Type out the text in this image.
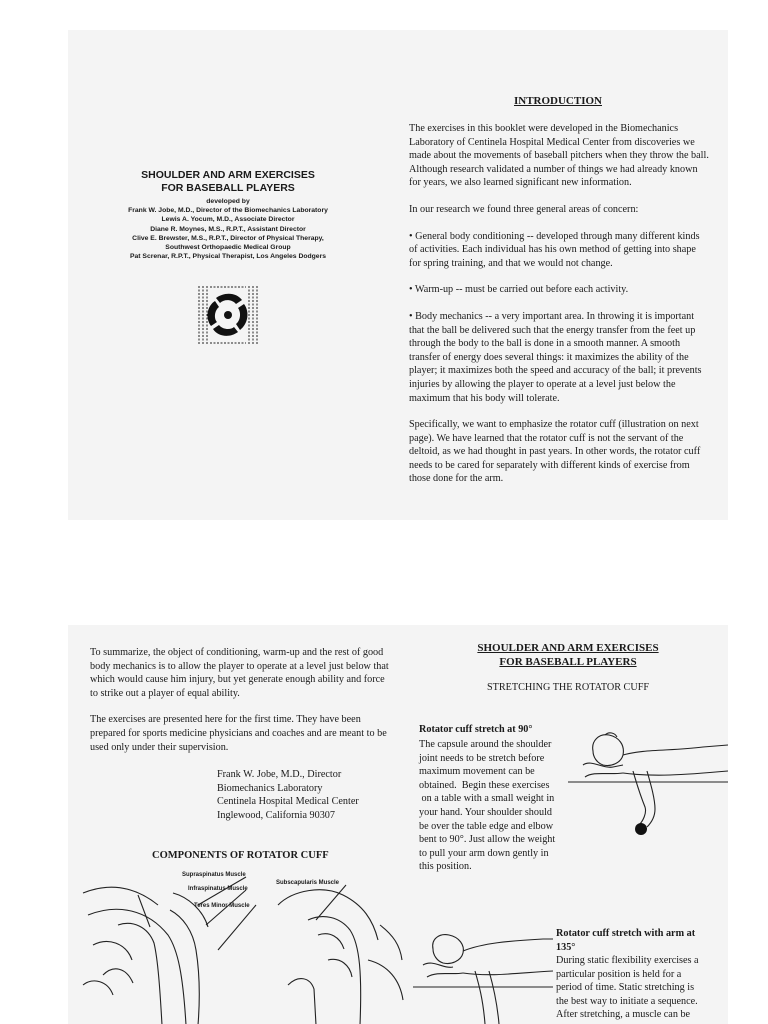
SHOULDER AND ARM EXERCISES
FOR BASEBALL PLAYERS
developed by
Frank W. Jobe, M.D., Director of the Biomechanics Laboratory
Lewis A. Yocum, M.D., Associate Director
Diane R. Moynes, M.S., R.P.T., Assistant Director
Clive E. Brewster, M.S., R.P.T., Director of Physical Therapy,
Southwest Orthopaedic Medical Group
Pat Screnar, R.P.T., Physical Therapist, Los Angeles Dodgers
INTRODUCTION

The exercises in this booklet were developed in the Biomechanics Laboratory of Centinela Hospital Medical Center from discoveries we made about the movements of baseball pitchers when they throw the ball. Although research validated a number of things we had already known for years, we also learned significant new information.

In our research we found three general areas of concern:

• General body conditioning -- developed through many different kinds of activities. Each individual has his own method of getting into shape for spring training, and that we would not change.

• Warm-up -- must be carried out before each activity.

• Body mechanics -- a very important area. In throwing it is important that the ball be delivered such that the energy transfer from the feet up through the body to the ball is done in a smooth manner. A smooth transfer of energy does several things: it maximizes the ability of the player; it maximizes both the speed and accuracy of the ball; it prevents injuries by allowing the player to operate at a level just below the maximum that his body will tolerate.

Specifically, we want to emphasize the rotator cuff (illustration on next page). We have learned that the rotator cuff is not the servant of the deltoid, as we had thought in past years. In other words, the rotator cuff needs to be cared for separately with different kinds of exercise from those done for the arm.

To summarize, the object of conditioning, warm-up and the rest of good body mechanics is to allow the player to operate at a level just below that which would cause him injury, but yet generate enough ability and force to strike out a player of equal ability.

The exercises are presented here for the first time. They have been prepared for sports medicine physicians and coaches and are meant to be used only under their supervision.

Frank W. Jobe, M.D., Director
Biomechanics Laboratory
Centinela Hospital Medical Center
Inglewood, California 90307
COMPONENTS OF ROTATOR CUFF
Supraspinatus Muscle
Infraspinatus Muscle
Teres Minor Muscle
Subscapularis Muscle
SHOULDER AND ARM EXERCISES
FOR BASEBALL PLAYERS
STRETCHING THE ROTATOR CUFF
Rotator cuff stretch at 90°
The capsule around the shoulder
joint needs to be stretch before
maximum movement can be
obtained.  Begin these exercises
on a table with a small weight in
your hand. Your shoulder should
be over the table edge and elbow
bent to 90°. Just allow the weight
to pull your arm down gently in
this position.
Rotator cuff stretch with arm at
135°
During static flexibility exercises a
particular position is held for a
period of time. Static stretching is
the best way to initiate a sequence.
After stretching, a muscle can be
